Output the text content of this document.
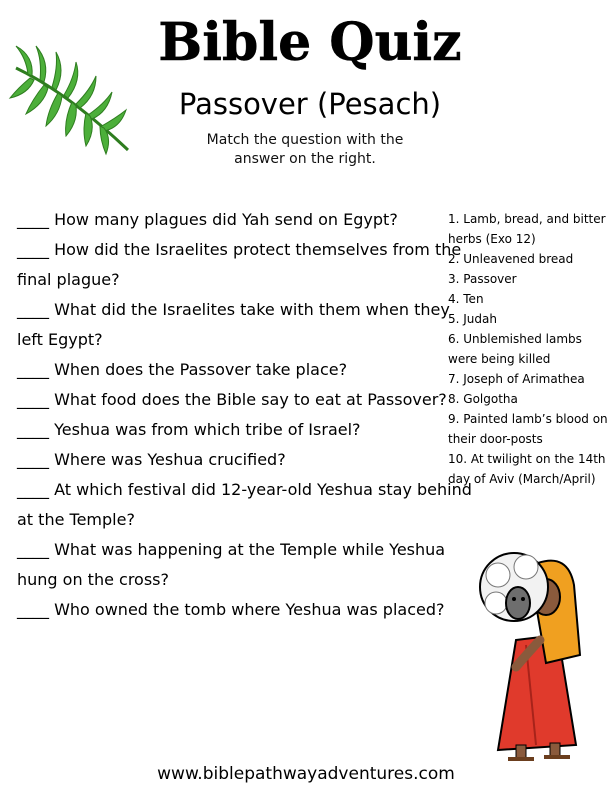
Bible Quiz
Passover (Pesach)
Match the question with the answer on the right.

____ How many plagues did Yah send on Egypt?

____ How did the Israelites protect themselves from the final plague?

____ What did the Israelites take with them when they left Egypt?

____ When does the Passover take place?

____ What food does the Bible say to eat at Passover?

____ Yeshua was from which tribe of Israel?

____ Where was Yeshua crucified?

____ At which festival did 12-year-old Yeshua stay behind at the Temple?

____ What was happening at the Temple while Yeshua hung on the cross?

____ Who owned the tomb where Yeshua was placed?

1. Lamb, bread, and bitter herbs (Exo 12)

2. Unleavened bread

3. Passover

4. Ten

5. Judah

6. Unblemished lambs were being killed

7. Joseph of Arimathea

8. Golgotha

9. Painted lamb’s blood on their door-posts

10. At twilight on the 14th day of Aviv (March/April)

www.biblepathwayadventures.com
